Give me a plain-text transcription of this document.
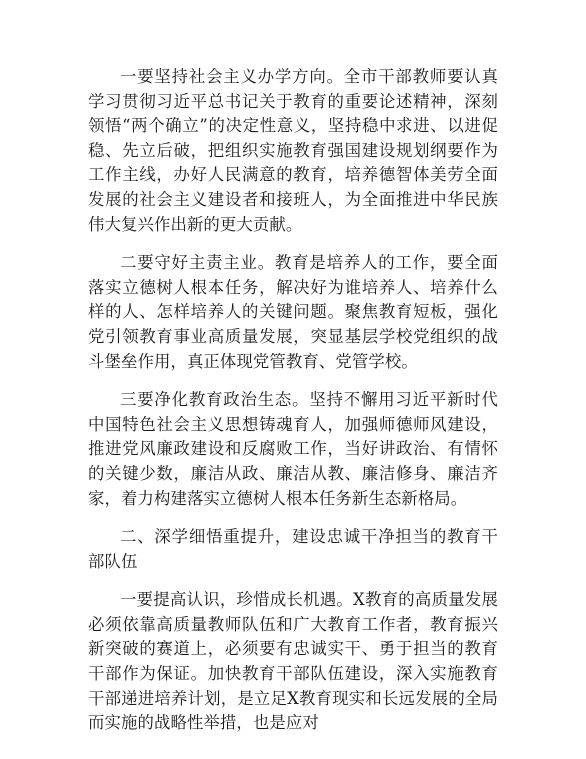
一要坚持社会主义办学方向。全市干部教师要认真学习贯彻习近平总书记关于教育的重要论述精神，深刻领悟“两个确立”的决定性意义，坚持稳中求进、以进促稳、先立后破，把组织实施教育强国建设规划纲要作为工作主线，办好人民满意的教育，培养德智体美劳全面发展的社会主义建设者和接班人，为全面推进中华民族伟大复兴作出新的更大贡献。

二要守好主责主业。教育是培养人的工作，要全面落实立德树人根本任务，解决好为谁培养人、培养什么样的人、怎样培养人的关键问题。聚焦教育短板，强化党引领教育事业高质量发展，突显基层学校党组织的战斗堡垒作用，真正体现党管教育、党管学校。

三要净化教育政治生态。坚持不懈用习近平新时代中国特色社会主义思想铸魂育人，加强师德师风建设，推进党风廉政建设和反腐败工作，当好讲政治、有情怀的关键少数，廉洁从政、廉洁从教、廉洁修身、廉洁齐家，着力构建落实立德树人根本任务新生态新格局。

二、深学细悟重提升，建设忠诚干净担当的教育干部队伍

一要提高认识，珍惜成长机遇。X教育的高质量发展必须依靠高质量教师队伍和广大教育工作者，教育振兴新突破的赛道上，必须要有忠诚实干、勇于担当的教育干部作为保证。加快教育干部队伍建设，深入实施教育干部递进培养计划，是立足X教育现实和长远发展的全局而实施的战略性举措，也是应对
